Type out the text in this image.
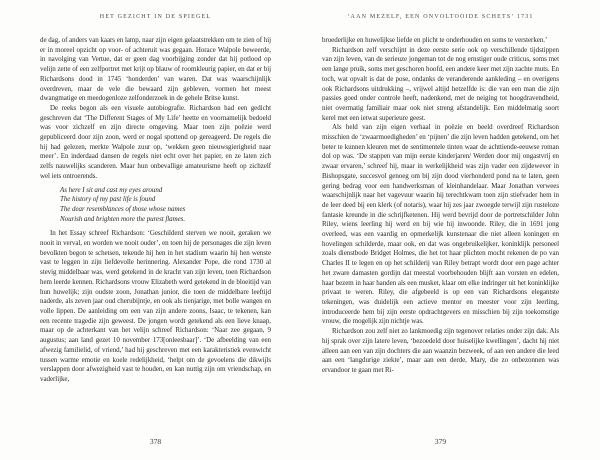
HET GEZICHT IN DE SPIEGEL
de dag, of anders van kaars en lamp, naar zijn eigen gelaatstrekken om te zien of hij er in moreel opzicht op voor- of achteruit was gegaan. Horace Walpole beweerde, in navolging van Vertue, dat er geen dag voorbijging zonder dat hij potlood op velijn zette of een zelfportret met krijt op blauw of roomkleurig papier, en dat er bij Richardsons dood in 1745 ‘honderden’ van waren. Dat was waarschijnlijk overdreven, maar de vele die bewaard zijn gebleven, vormen het meest dwangmatige en meedogenloze zelfonderzoek in de gehele Britse kunst.
De reeks begon als een visuele autobiografie. Richardson had een gedicht geschreven dat ‘The Different Stages of My Life’ heette en voornamelijk bedoeld was voor zichzelf en zijn directe omgeving. Maar toen zijn poëzie werd gepubliceerd door zijn zoon, werd er nogal spottend op gereageerd. De regels die hij had gelezen, merkte Walpole zuur op, ‘wekken geen nieuwsgierigheid naar meer’. En inderdaad dansen de regels niet echt over het papier, en ze laten zich zelfs nauwelijks scanderen. Maar hun onbevallige amateurisme heeft op zichzelf wel iets ontroerends.
As here I sit and cast my eyes around
The history of my past life is found
The dear resemblances of those whose names
Nourish and brighten more the purest flames.
In het Essay schreef Richardson: ‘Geschilderd sterven we nooit, geraken we nooit in verval, en worden we nooit ouder’, en toen hij de personages die zijn leven bevolkten begon te schetsen, tekende hij hen in het stadium waarin hij hen wenste vast te leggen in zijn liefdevolle herinnering. Alexander Pope, die rond 1730 al stevig middelbaar was, werd getekend in de kracht van zijn leven, toen Richardson hem leerde kennen. Richardsons vrouw Elizabeth werd getekend in de bloeitijd van hun huwelijk; zijn oudste zoon, Jonathan junior, die toen de middelbare leeftijd naderde, als zeven jaar oud cherubijntje, en ook als tienjarige, met bolle wangen en volle lippen. De aanleiding om een van zijn andere zoons, Isaac, te tekenen, kan een recente tragedie zijn geweest. De jongen wordt getekend als een lieve knaap, maar op de achterkant van het velijn schreef Richardson: ‘Naar zee gegaan, 9 augustus; aan land gezet 10 november 173[onleesbaar]’. ‘De afbeelding van een afwezig familielid, of vriend,’ had hij geschreven met een karakteristiek evenwicht tussen warme emotie en koele redelijkheid, ‘helpt om de gevoelens die dikwijls verslappen door afwezigheid vast te houden, en kan nuttig zijn om vriendschap, en vaderlijke,
378
‘AAN MEZELF, EEN ONVOLTOOIDE SCHETS’ 1731
broederlijke en huwelijkse liefde en plicht te onderhouden en soms te versterken.’
Richardson zelf verschijnt in deze eerste serie ook op verschillende tijdstippen van zijn leven, van de serieuze jongeman tot de nog ernstiger oude criticus, soms met een lange pruik, soms met geschoren hoofd, een andere keer met zijn zachte muts. En toch, wat opvalt is dat de pose, ondanks de veranderende aankleding – en overigens ook Richardsons uitdrukking –, vrijwel altijd hetzelfde is: die van een man die zijn passies goed onder controle heeft, nadenkend, met de neiging tot hoogdravendheid, niet overmatig familiair maar ook niet streng afstandelijk. Een middelmatig soort kerel met een ietwat superieure geest.
Als held van zijn eigen verhaal in poëzie en beeld overdreef Richardson misschien de ‘zwaarmoedigheden’ en ‘pijnen’ die zijn leven hadden getekend, om het beter te kunnen kleuren met de sentimentele tinten waar de achttiende-eeuwse roman dol op was. ‘De stappen van mijn eerste kinderjaren/ Werden door mij ongastvrij en zwaar ervaren,’ schreef hij, maar in werkelijkheid was zijn vader een zijdewever in Bishopsgate, succesvol genoeg om bij zijn dood vierhonderd pond na te laten, geen gering bedrag voor een handwerksman of kleinhandelaar. Maar Jonathan verwees waarschijnlijk naar het vagevuur waarin hij terechtkwam toen zijn stiefvader hem in de leer deed bij een klerk (of notaris), waar hij zes jaar zwoegde terwijl zijn rusteloze fantasie kreunde in die schrijfketenen. Hij werd bevrijd door de portretschilder John Riley, wiens leerling hij werd en bij wie hij inwoonde. Riley, die in 1691 jong overleed, was een vaardig en opmerkelijk kunstenaar die niet alleen koningen en hovelingen schilderde, maar ook, en dat was ongebruikelijker, koninklijk personeel zoals dienstbode Bridget Holmes, die het tot haar plichten mocht rekenen de po van Charles II te legen en op het schilderij van Riley betrapt wordt door een page achter het zware damasten gordijn dat meestal voorbehouden blijft aan vorsten en edelen, haar bezem in haar handen als een musket, klaar om elke indringer uit het koninklijke privaat te weren. Riley, die afgebeeld is op een van Richardsons elegantste tekeningen, was duidelijk een actieve mentor en meester voor zijn leerling, introduceerde hem bij zijn eerste opdrachtgevers en misschien bij zijn toekomstige vrouw, die mogelijk zijn nichtje was.
Richardson zou zelf niet zo lankmoedig zijn tegenover relaties onder zijn dak. Als hij sprak over zijn latere leven, ‘bezoedeld door huiselijke kwellingen’, dacht hij niet alleen aan een van zijn dochters die aan waanzin bezweek, of aan een andere die leed aan een ‘langdurige ziekte’, maar aan een derde, Mary, die zo onbezonnen was ervandoor te gaan met Ri-
379
